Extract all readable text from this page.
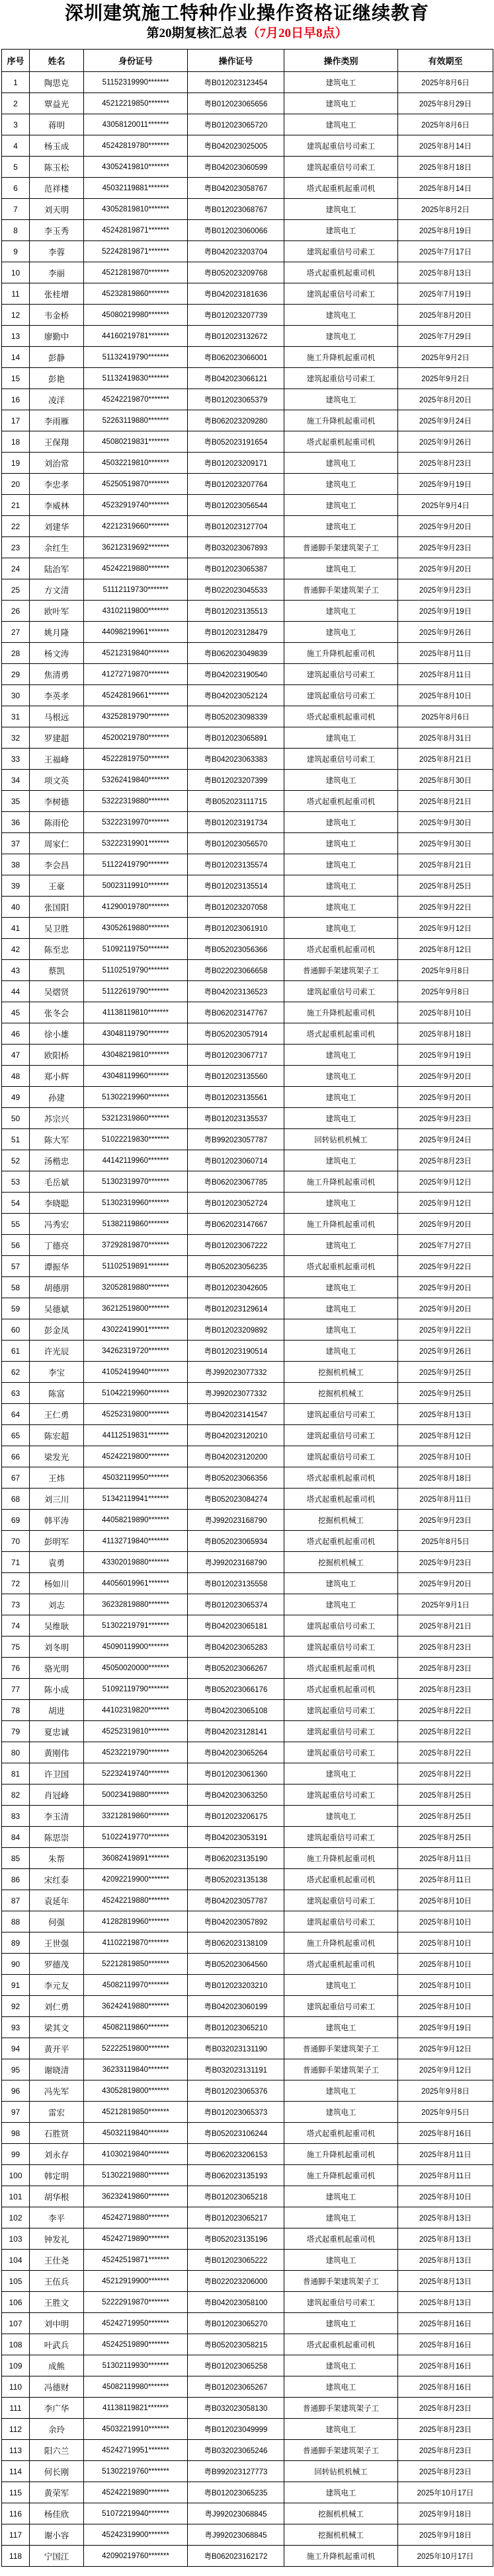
深圳建筑施工特种作业操作资格证继续教育
第20期复核汇总表（7月20日早8点）
序号	姓名	身份证号	操作证号	操作类别	有效期至
1	陶思克	51152319990*******	粤B012023123454	建筑电工	2025年8月6日
2	覃益光	45212219850*******	粤B012023065656	建筑电工	2025年8月29日
3	蒋明	43058120011*******	粤B012023065720	建筑电工	2025年8月6日
4	杨玉成	45242819780*******	粤B042023025005	建筑起重信号司索工	2025年8月14日
5	陈玉松	43052419810*******	粤B042023060599	建筑起重信号司索工	2025年8月18日
6	范祥楼	45032119881*******	粤B042023058767	塔式起重机起重司机	2025年8月14日
7	刘天明	43052819810*******	粤B012023068767	建筑电工	2025年8月2日
8	李玉秀	45242819871*******	粤B012023060066	建筑电工	2025年8月19日
9	李蓉	52242819871*******	粤B042023203704	建筑起重信号司索工	2025年7月17日
10	李丽	45212819870*******	粤B052023209768	塔式起重机起重司机	2025年8月13日
11	张桂增	45232819860*******	粤B042023181636	建筑起重信号司索工	2025年7月19日
12	韦金桥	45080219980*******	粤B012023207739	建筑电工	2025年8月20日
13	廖勤中	44160219781*******	粤B012023132672	建筑电工	2025年7月29日
14	彭静	51132419790*******	粤B062023066001	施工升降机起重司机	2025年9月2日
15	彭艳	51132419830*******	粤B042023066121	建筑起重信号司索工	2025年9月2日
16	凌洋	45242219870*******	粤B012023065379	建筑电工	2025年8月20日
17	李雨雁	52263119880*******	粤B062023209280	施工升降机起重司机	2025年9月24日
18	王保翔	45080219831*******	粤B052023191654	塔式起重机起重司机	2025年9月26日
19	刘治常	45032219810*******	粤B012023209171	建筑电工	2025年8月23日
20	李忠孝	45250519870*******	粤B012023207764	建筑电工	2025年9月19日
21	李威林	45232919740*******	粤B012023056544	建筑电工	2025年9月4日
22	刘建华	42212319660*******	粤B012023127704	建筑电工	2025年9月20日
23	余红生	36212319692*******	粤B032023067893	普通脚手架建筑架子工	2025年9月23日
24	陆治军	45242219880*******	粤B012023065387	建筑电工	2025年9月20日
25	方文清	51112119730*******	粤B022023045533	普通脚手架建筑架子工	2025年9月23日
26	欧叶军	43102119800*******	粤B012023135513	建筑电工	2025年9月19日
27	姚月隆	44098219961*******	粤B012023128479	建筑电工	2025年9月26日
28	杨文涛	45212319840*******	粤B062023049839	施工升降机起重司机	2025年8月11日
29	焦清勇	41272719870*******	粤B042023190540	建筑起重信号司索工	2025年8月11日
30	李英孝	45242819661*******	粤B042023052124	建筑起重信号司索工	2025年8月10日
31	马根远	43252819790*******	粤B052023098339	塔式起重机起重司机	2025年8月6日
32	罗建超	45200219780*******	粤B012023065891	建筑电工	2025年8月31日
33	王福峰	45222819750*******	粤B042023063383	建筑起重信号司索工	2025年8月21日
34	项文英	53262419840*******	粤B012023207399	建筑电工	2025年8月30日
35	李树德	53222319880*******	粤B052023111715	塔式起重机起重司机	2025年8月21日
36	陈雨伦	53222319970*******	粤B012023191734	建筑电工	2025年9月30日
37	周家仁	53222319901*******	粤B012023056570	建筑电工	2025年9月30日
38	李会昌	51122419790*******	粤B012023135574	建筑电工	2025年8月21日
39	王豪	50023119910*******	粤B012023135514	建筑电工	2025年8月25日
40	张国阳	41290019780*******	粤B012023207058	建筑电工	2025年9月22日
41	吴卫胜	43052619880*******	粤B012023061910	建筑电工	2025年9月12日
42	陈至忠	51092119750*******	粤B052023056366	塔式起重机起重司机	2025年8月12日
43	蔡凯	51102519790*******	粤B022023066658	普通脚手架建筑架子工	2025年9月8日
44	吴熠贤	51122619790*******	粤B042023136523	建筑起重信号司索工	2025年9月8日
45	张冬会	41138119810*******	粤B062023147767	施工升降机起重司机	2025年8月10日
46	徐小雄	43048119790*******	粤B052023057914	塔式起重机起重司机	2025年8月18日
47	欧阳桥	43048219810*******	粤B012023067717	建筑电工	2025年9月19日
48	郑小辉	43048119960*******	粤B012023135560	建筑电工	2025年9月20日
49	孙建	51302219960*******	粤B012023135561	建筑电工	2025年9月20日
50	苏宗兴	53212319860*******	粤B012023135537	建筑电工	2025年9月23日
51	陈大军	51022219830*******	粤B992023057787	回转钻机机械工	2025年9月24日
52	汤楷忠	44142119960*******	粤B012023060714	建筑电工	2025年8月23日
53	毛岳斌	51302319970*******	粤B062023067785	施工升降机起重司机	2025年9月12日
54	李晓聪	51302319960*******	粤B012023052724	建筑电工	2025年9月12日
55	冯秀宏	51382119860*******	粤B062023147667	施工升降机起重司机	2025年9月20日
56	丁德亮	37292819870*******	粤B012023067222	建筑电工	2025年7月27日
57	谭振华	51102519891*******	粤B052023056235	塔式起重机起重司机	2025年9月22日
58	胡德朋	32052819880*******	粤B012023042605	建筑电工	2025年9月20日
59	吴德斌	36212519800*******	粤B012023129614	建筑电工	2025年9月20日
60	彭金凤	43022419901*******	粤B012023209892	建筑电工	2025年9月22日
61	许光辰	34262319720*******	粤B012023190514	建筑电工	2025年9月26日
62	李宝	41052419940*******	粤J992023077332	挖掘机机械工	2025年9月25日
63	陈富	51042219960*******	粤J992023077332	挖掘机机械工	2025年9月25日
64	王仁勇	45252319800*******	粤B042023141547	建筑起重信号司索工	2025年8月13日
65	陈宏超	44112519831*******	粤B042023120210	建筑起重信号司索工	2025年8月12日
66	梁发光	45242219800*******	粤B042023120200	建筑起重信号司索工	2025年8月10日
67	王炜	45032119950*******	粤B052023066356	塔式起重机起重司机	2025年8月18日
68	刘三川	51342119941*******	粤B052023084274	塔式起重机起重司机	2025年8月11日
69	韩平涛	44058219890*******	粤J992023168790	挖掘机机械工	2025年9月23日
70	彭明军	41132719840*******	粤B052023065934	塔式起重机起重司机	2025年8月5日
71	袁勇	43302019880*******	粤J992023168790	挖掘机机械工	2025年9月23日
72	杨如川	44056019961*******	粤B012023135558	建筑电工	2025年9月20日
73	刘志	36232819880*******	粤B012023065374	建筑电工	2025年9月1日
74	吴维耿	51302219791*******	粤B042023065181	建筑起重信号司索工	2025年8月21日
75	刘冬明	45090119900*******	粤B042023065283	建筑起重信号司索工	2025年8月23日
76	骆光明	45050020000*******	粤B052023066267	塔式起重机起重司机	2025年8月23日
77	陈小成	51092119790*******	粤B052023066176	塔式起重机起重司机	2025年8月23日
78	胡进	44102319820*******	粤B042023065108	建筑起重信号司索工	2025年8月22日
79	夏忠诚	45252319810*******	粤B042023128141	建筑起重信号司索工	2025年8月22日
80	黄刚伟	45232219790*******	粤B042023065264	建筑起重信号司索工	2025年8月22日
81	许卫国	52232419740*******	粤B012023061360	建筑电工	2025年8月22日
82	肖冠峰	50023419880*******	粤B042023063250	建筑起重信号司索工	2025年8月25日
83	李玉清	33212819860*******	粤B012023206175	建筑电工	2025年8月25日
84	陈思崇	51022419770*******	粤B042023053191	建筑起重信号司索工	2025年8月25日
85	朱帮	36082419891*******	粤B062023135190	施工升降机起重司机	2025年8月11日
86	宋红泰	42092219900*******	粤B052023135138	塔式起重机起重司机	2025年8月11日
87	袁延年	45242219880*******	粤B042023057787	建筑起重信号司索工	2025年8月10日
88	何强	41282819960*******	粤B042023057892	建筑起重信号司索工	2025年8月10日
89	王世强	41102219870*******	粤B062023138109	施工升降机起重司机	2025年8月10日
90	罗德茂	52212819850*******	粤B052023064560	塔式起重机起重司机	2025年8月10日
91	李元友	45082119970*******	粤B012023203210	建筑电工	2025年8月10日
92	刘仁勇	36242419880*******	粤B042023060199	建筑起重信号司索工	2025年8月10日
93	梁其文	45082119860*******	粤B012023065210	建筑电工	2025年9月19日
94	黄开平	52222519800*******	粤B032023131190	普通脚手架建筑架子工	2025年9月12日
95	谢晓清	36233119840*******	粤B032023131191	普通脚手架建筑架子工	2025年9月12日
96	冯先军	43052819800*******	粤B012023065376	建筑电工	2025年9月8日
97	雷宏	45212819850*******	粤B012023065373	建筑电工	2025年9月5日
98	石胜贤	45032119840*******	粤B052023106244	塔式起重机起重司机	2025年8月16日
99	刘永存	41030219840*******	粤B062023206153	施工升降机起重司机	2025年8月11日
100	韩定明	51302219880*******	粤B062023135193	施工升降机起重司机	2025年8月11日
101	胡华根	36232419860*******	粤B012023065218	建筑电工	2025年8月10日
102	李平	45242719880*******	粤B012023065217	建筑电工	2025年8月13日
103	钟发礼	45242719890*******	粤B052023135196	塔式起重机起重司机	2025年8月13日
104	王仕尧	45242519871*******	粤B012023065222	建筑电工	2025年8月13日
105	王伍兵	45212919900*******	粤B022023206000	普通脚手架建筑架子工	2025年8月13日
106	王胜文	52222919870*******	粤B042023058100	建筑起重信号司索工	2025年8月13日
107	刘中明	45242719950*******	粤B012023065270	建筑电工	2025年8月16日
108	叶武兵	45242519890*******	粤B052023058215	塔式起重机起重司机	2025年8月16日
109	成熊	51302119930*******	粤B012023065258	建筑电工	2025年8月16日
110	冯德财	45082119980*******	粤B012023065267	建筑电工	2025年8月16日
111	李广华	41138119821*******	粤B032023058130	普通脚手架建筑架子工	2025年8月23日
112	余玲	45032219910*******	粤B012023049999	建筑电工	2025年8月23日
113	阳六兰	45242719951*******	粤B032023065246	普通脚手架建筑架子工	2025年8月23日
114	何长刚	51302219760*******	粤B992023127773	回转钻机机械工	2025年8月23日
115	黄荣军	45242219890*******	粤B012023065235	建筑电工	2025年10月17日
116	杨佳欣	51072219940*******	粤J992023068845	挖掘机机械工	2025年9月18日
117	谢小容	45242319900*******	粤J992023068845	挖掘机机械工	2025年9月18日
118	宁国江	42090219760*******	粤B062023162172	施工升降机起重司机	2025年10月17日
